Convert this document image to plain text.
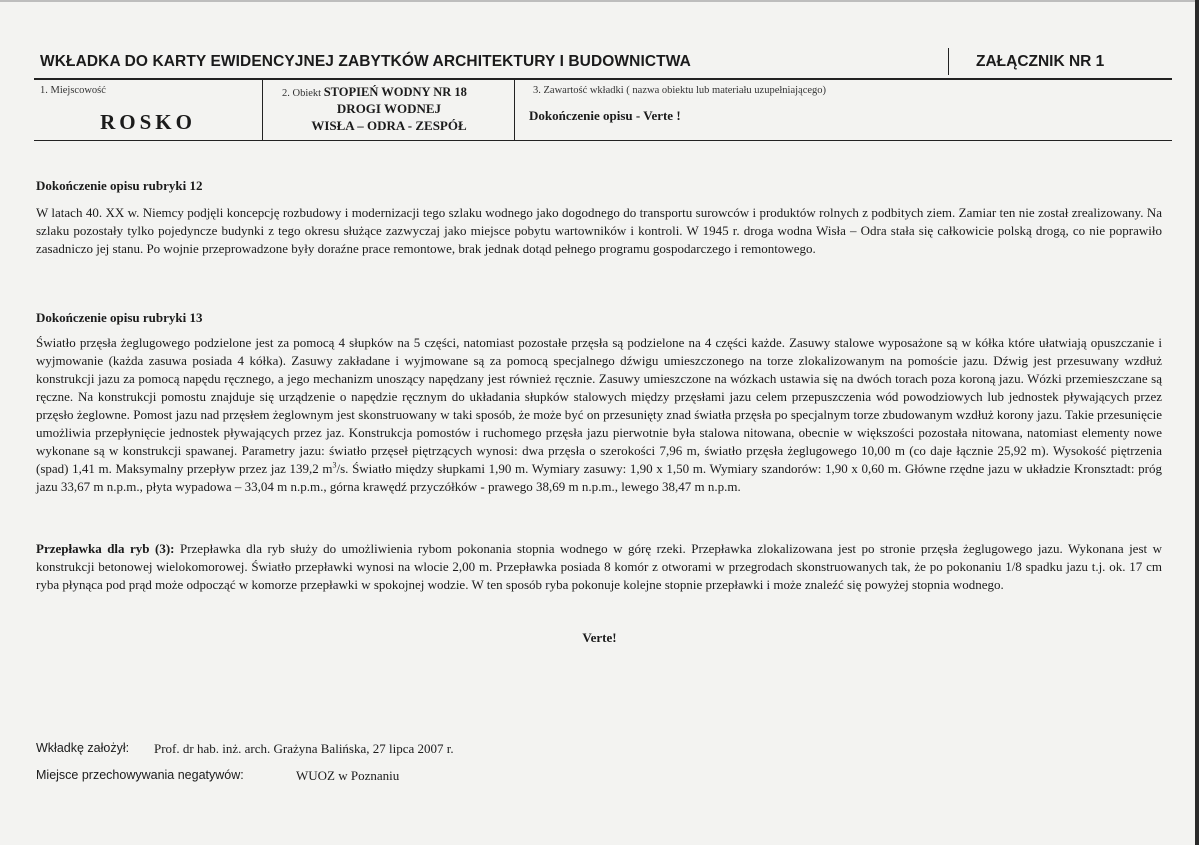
WKŁADKA DO KARTY EWIDENCYJNEJ ZABYTKÓW ARCHITEKTURY I BUDOWNICTWA	ZAŁĄCZNIK NR 1
1. Miejscowość
ROSKO
2. Obiekt STOPIEŃ WODNY NR 18
DROGI WODNEJ
WISŁA – ODRA - ZESPÓŁ
3. Zawartość wkładki ( nazwa obiektu lub materiału uzupełniającego)
Dokończenie opisu - Verte !
Dokończenie opisu rubryki 12
W latach 40. XX w. Niemcy podjęli koncepcję rozbudowy i modernizacji tego szlaku wodnego jako dogodnego do transportu surowców i produktów rolnych z podbitych ziem. Zamiar ten nie został zrealizowany. Na szlaku pozostały tylko pojedyncze budynki z tego okresu służące zazwyczaj jako miejsce pobytu wartowników i kontroli. W 1945 r. droga wodna Wisła – Odra stała się całkowicie polską drogą, co nie poprawiło zasadniczo jej stanu. Po wojnie przeprowadzone były doraźne prace remontowe, brak jednak dotąd pełnego programu gospodarczego i remontowego.
Dokończenie opisu rubryki 13
Światło przęsła żeglugowego podzielone jest za pomocą 4 słupków na 5 części, natomiast pozostałe przęsła są podzielone na 4 części każde. Zasuwy stalowe wyposażone są w kółka które ułatwiają opuszczanie i wyjmowanie (każda zasuwa posiada 4 kółka). Zasuwy zakładane i wyjmowane są za pomocą specjalnego dźwigu umieszczonego na torze zlokalizowanym na pomoście jazu. Dźwig jest przesuwany wzdłuż konstrukcji jazu za pomocą napędu ręcznego, a jego mechanizm unoszący napędzany jest również ręcznie. Zasuwy umieszczone na wózkach ustawia się na dwóch torach poza koroną jazu. Wózki przemieszczane są ręczne. Na konstrukcji pomostu znajduje się urządzenie o napędzie ręcznym do układania słupków stalowych między przęsłami jazu celem przepuszczenia wód powodziowych lub jednostek pływających przez przęsło żeglowne. Pomost jazu nad przęsłem żeglownym jest skonstruowany w taki sposób, że może być on przesunięty znad światła przęsła po specjalnym torze zbudowanym wzdłuż korony jazu. Takie przesunięcie umożliwia przepłynięcie jednostek pływających przez jaz. Konstrukcja pomostów i ruchomego przęsła jazu pierwotnie była stalowa nitowana, obecnie w większości pozostała nitowana, natomiast elementy nowe wykonane są w konstrukcji spawanej. Parametry jazu: światło przęseł piętrzących wynosi: dwa przęsła o szerokości 7,96 m, światło przęsła żeglugowego 10,00 m (co daje łącznie 25,92 m). Wysokość piętrzenia (spad) 1,41 m. Maksymalny przepływ przez jaz 139,2 $m^3/s$. Światło między słupkami 1,90 m. Wymiary zasuwy: 1,90 x 1,50 m. Wymiary szandorów: 1,90 x 0,60 m. Główne rzędne jazu w układzie Kronsztadt: próg jazu 33,67 m n.p.m., płyta wypadowa – 33,04 m n.p.m., górna krawędź przyczółków - prawego 38,69 m n.p.m., lewego 38,47 m n.p.m.
Przepławka dla ryb (3): Przepławka dla ryb służy do umożliwienia rybom pokonania stopnia wodnego w górę rzeki. Przepławka zlokalizowana jest po stronie przęsła żeglugowego jazu. Wykonana jest w konstrukcji betonowej wielokomorowej. Światło przepławki wynosi na wlocie 2,00 m. Przepławka posiada 8 komór z otworami w przegrodach skonstruowanych tak, że po pokonaniu 1/8 spadku jazu t.j. ok. 17 cm ryba płynąca pod prąd może odpocząć w komorze przepławki w spokojnej wodzie. W ten sposób ryba pokonuje kolejne stopnie przepławki i może znaleźć się powyżej stopnia wodnego.
Verte!
Wkładkę założył: Prof. dr hab. inż. arch. Grażyna Balińska, 27 lipca 2007 r.
Miejsce przechowywania negatywów:	WUOZ w Poznaniu
